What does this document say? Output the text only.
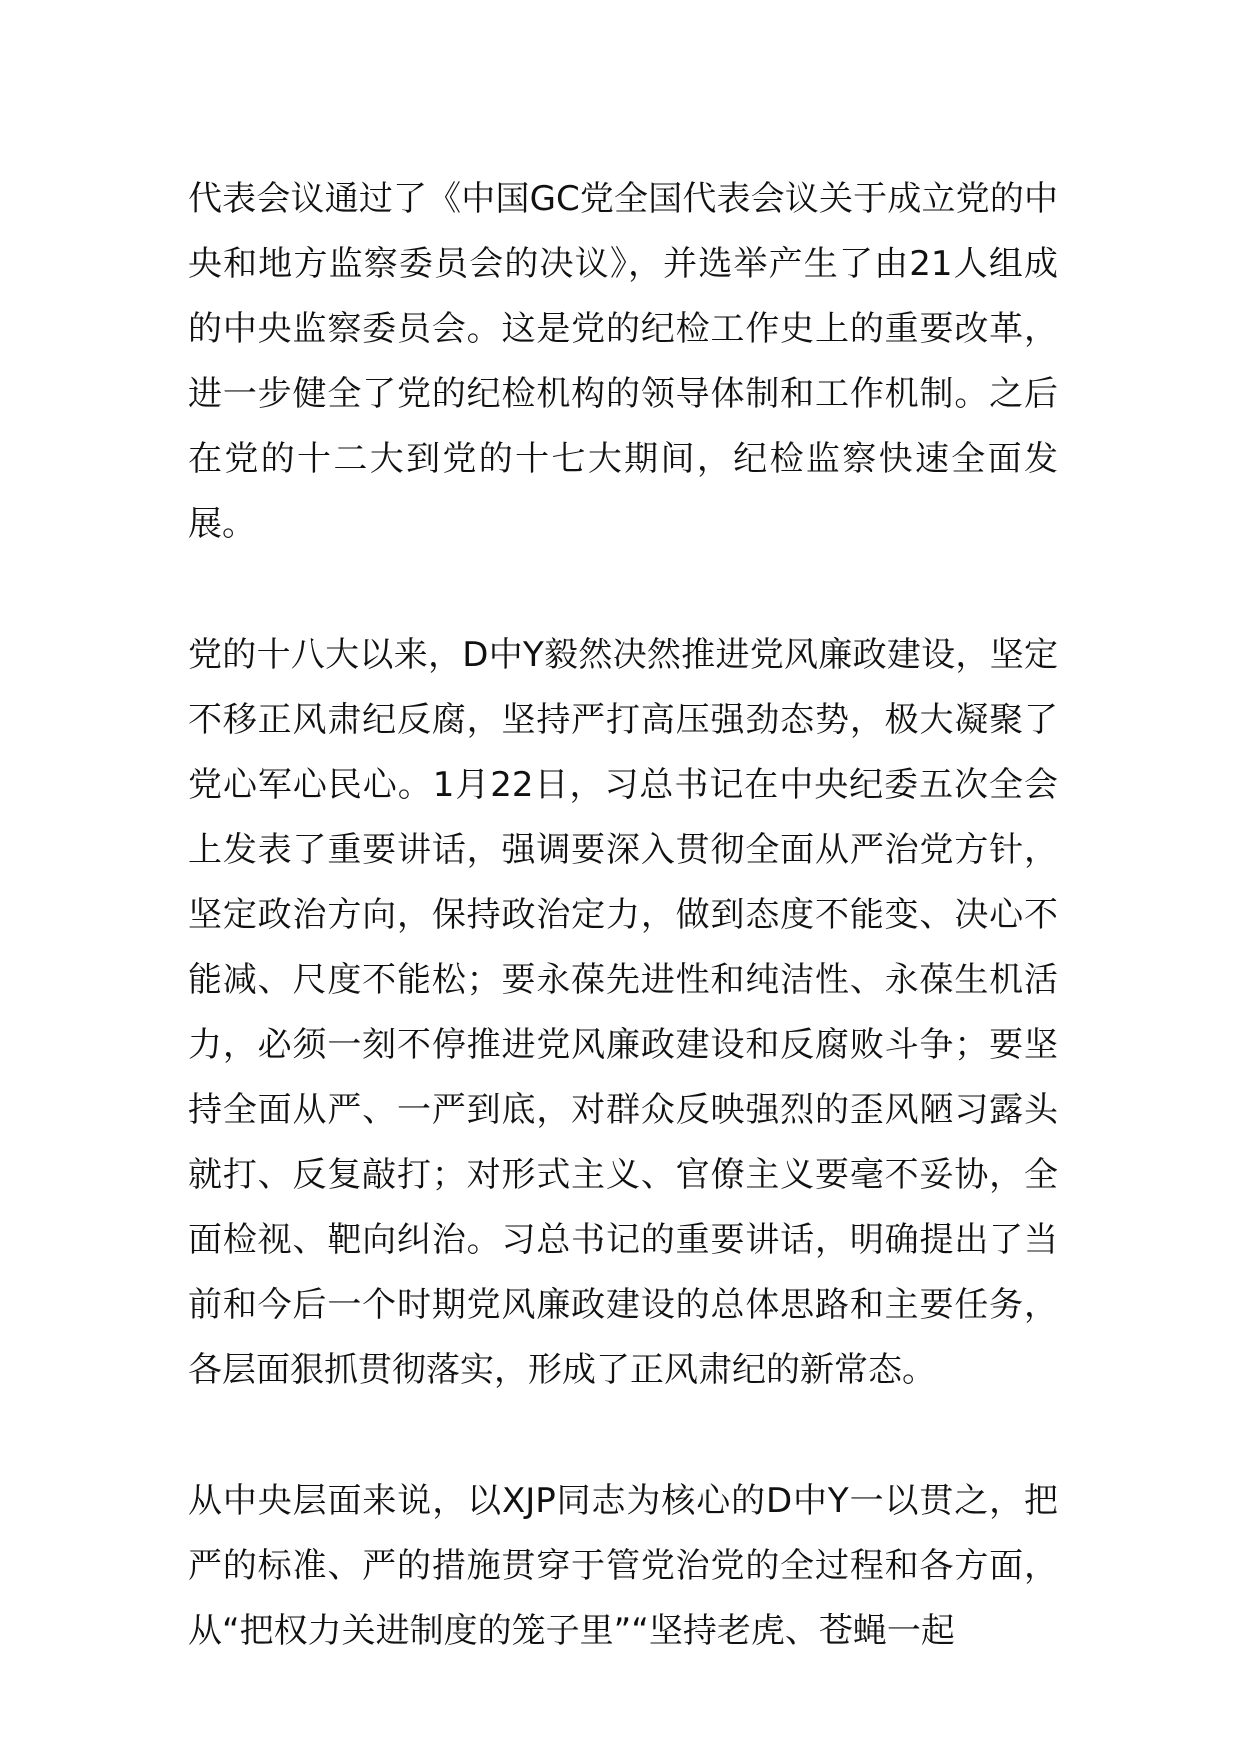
代表会议通过了《中国GC党全国代表会议关于成立党的中央和地方监察委员会的决议》，并选举产生了由21人组成的中央监察委员会。这是党的纪检工作史上的重要改革，进一步健全了党的纪检机构的领导体制和工作机制。之后在党的十二大到党的十七大期间，纪检监察快速全面发展。

党的十八大以来，D中Y毅然决然推进党风廉政建设，坚定不移正风肃纪反腐，坚持严打高压强劲态势，极大凝聚了党心军心民心。1月22日，习总书记在中央纪委五次全会上发表了重要讲话，强调要深入贯彻全面从严治党方针，坚定政治方向，保持政治定力，做到态度不能变、决心不能减、尺度不能松；要永葆先进性和纯洁性、永葆生机活力，必须一刻不停推进党风廉政建设和反腐败斗争；要坚持全面从严、一严到底，对群众反映强烈的歪风陋习露头就打、反复敲打；对形式主义、官僚主义要毫不妥协，全面检视、靶向纠治。习总书记的重要讲话，明确提出了当前和今后一个时期党风廉政建设的总体思路和主要任务，各层面狠抓贯彻落实，形成了正风肃纪的新常态。

从中央层面来说，以XJP同志为核心的D中Y一以贯之，把严的标准、严的措施贯穿于管党治党的全过程和各方面，从“把权力关进制度的笼子里”“坚持老虎、苍蝇一起
